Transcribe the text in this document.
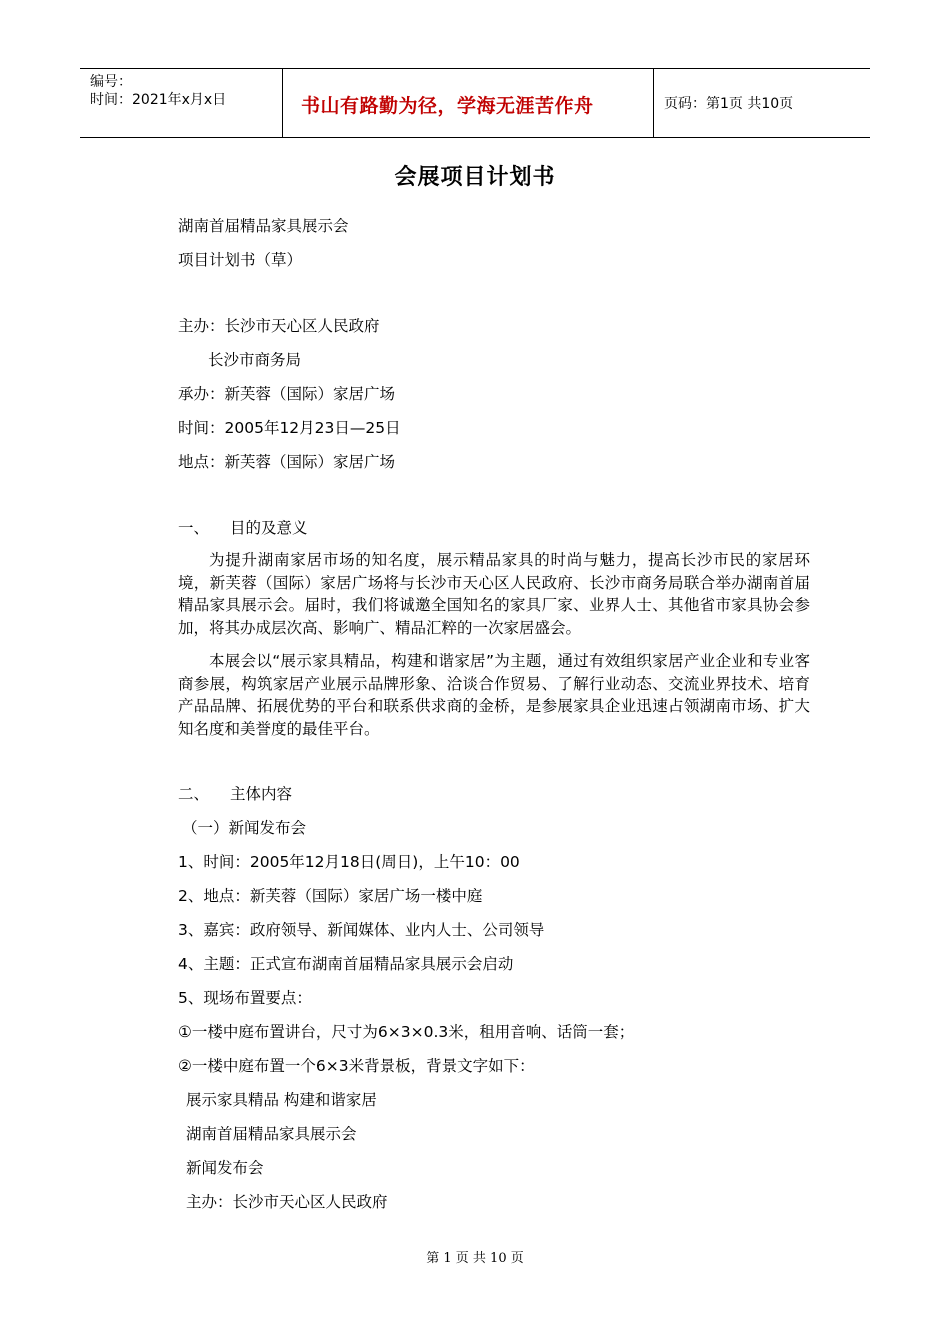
编号：
时间：2021年x月x日	书山有路勤为径，学海无涯苦作舟	页码：第1页 共10页
会展项目计划书
湖南首届精品家具展示会
项目计划书（草）
主办：长沙市天心区人民政府
长沙市商务局
承办：新芙蓉（国际）家居广场
时间：2005年12月23日—25日
地点：新芙蓉（国际）家居广场
一、 目的及意义
为提升湖南家居市场的知名度，展示精品家具的时尚与魅力，提高长沙市民的家居环境，新芙蓉（国际）家居广场将与长沙市天心区人民政府、长沙市商务局联合举办湖南首届精品家具展示会。届时，我们将诚邀全国知名的家具厂家、业界人士、其他省市家具协会参加，将其办成层次高、影响广、精品汇粹的一次家居盛会。
本展会以“展示家具精品，构建和谐家居”为主题，通过有效组织家居产业企业和专业客商参展，构筑家居产业展示品牌形象、洽谈合作贸易、了解行业动态、交流业界技术、培育产品品牌、拓展优势的平台和联系供求商的金桥，是参展家具企业迅速占领湖南市场、扩大知名度和美誉度的最佳平台。
二、 主体内容
（一）新闻发布会
1、时间：2005年12月18日(周日)，上午10：00
2、地点：新芙蓉（国际）家居广场一楼中庭
3、嘉宾：政府领导、新闻媒体、业内人士、公司领导
4、主题：正式宣布湖南首届精品家具展示会启动
5、现场布置要点：
①一楼中庭布置讲台，尺寸为6×3×0.3米，租用音响、话筒一套；
②一楼中庭布置一个6×3米背景板，背景文字如下：
展示家具精品 构建和谐家居
湖南首届精品家具展示会
新闻发布会
主办：长沙市天心区人民政府
第 1 页 共 10 页
